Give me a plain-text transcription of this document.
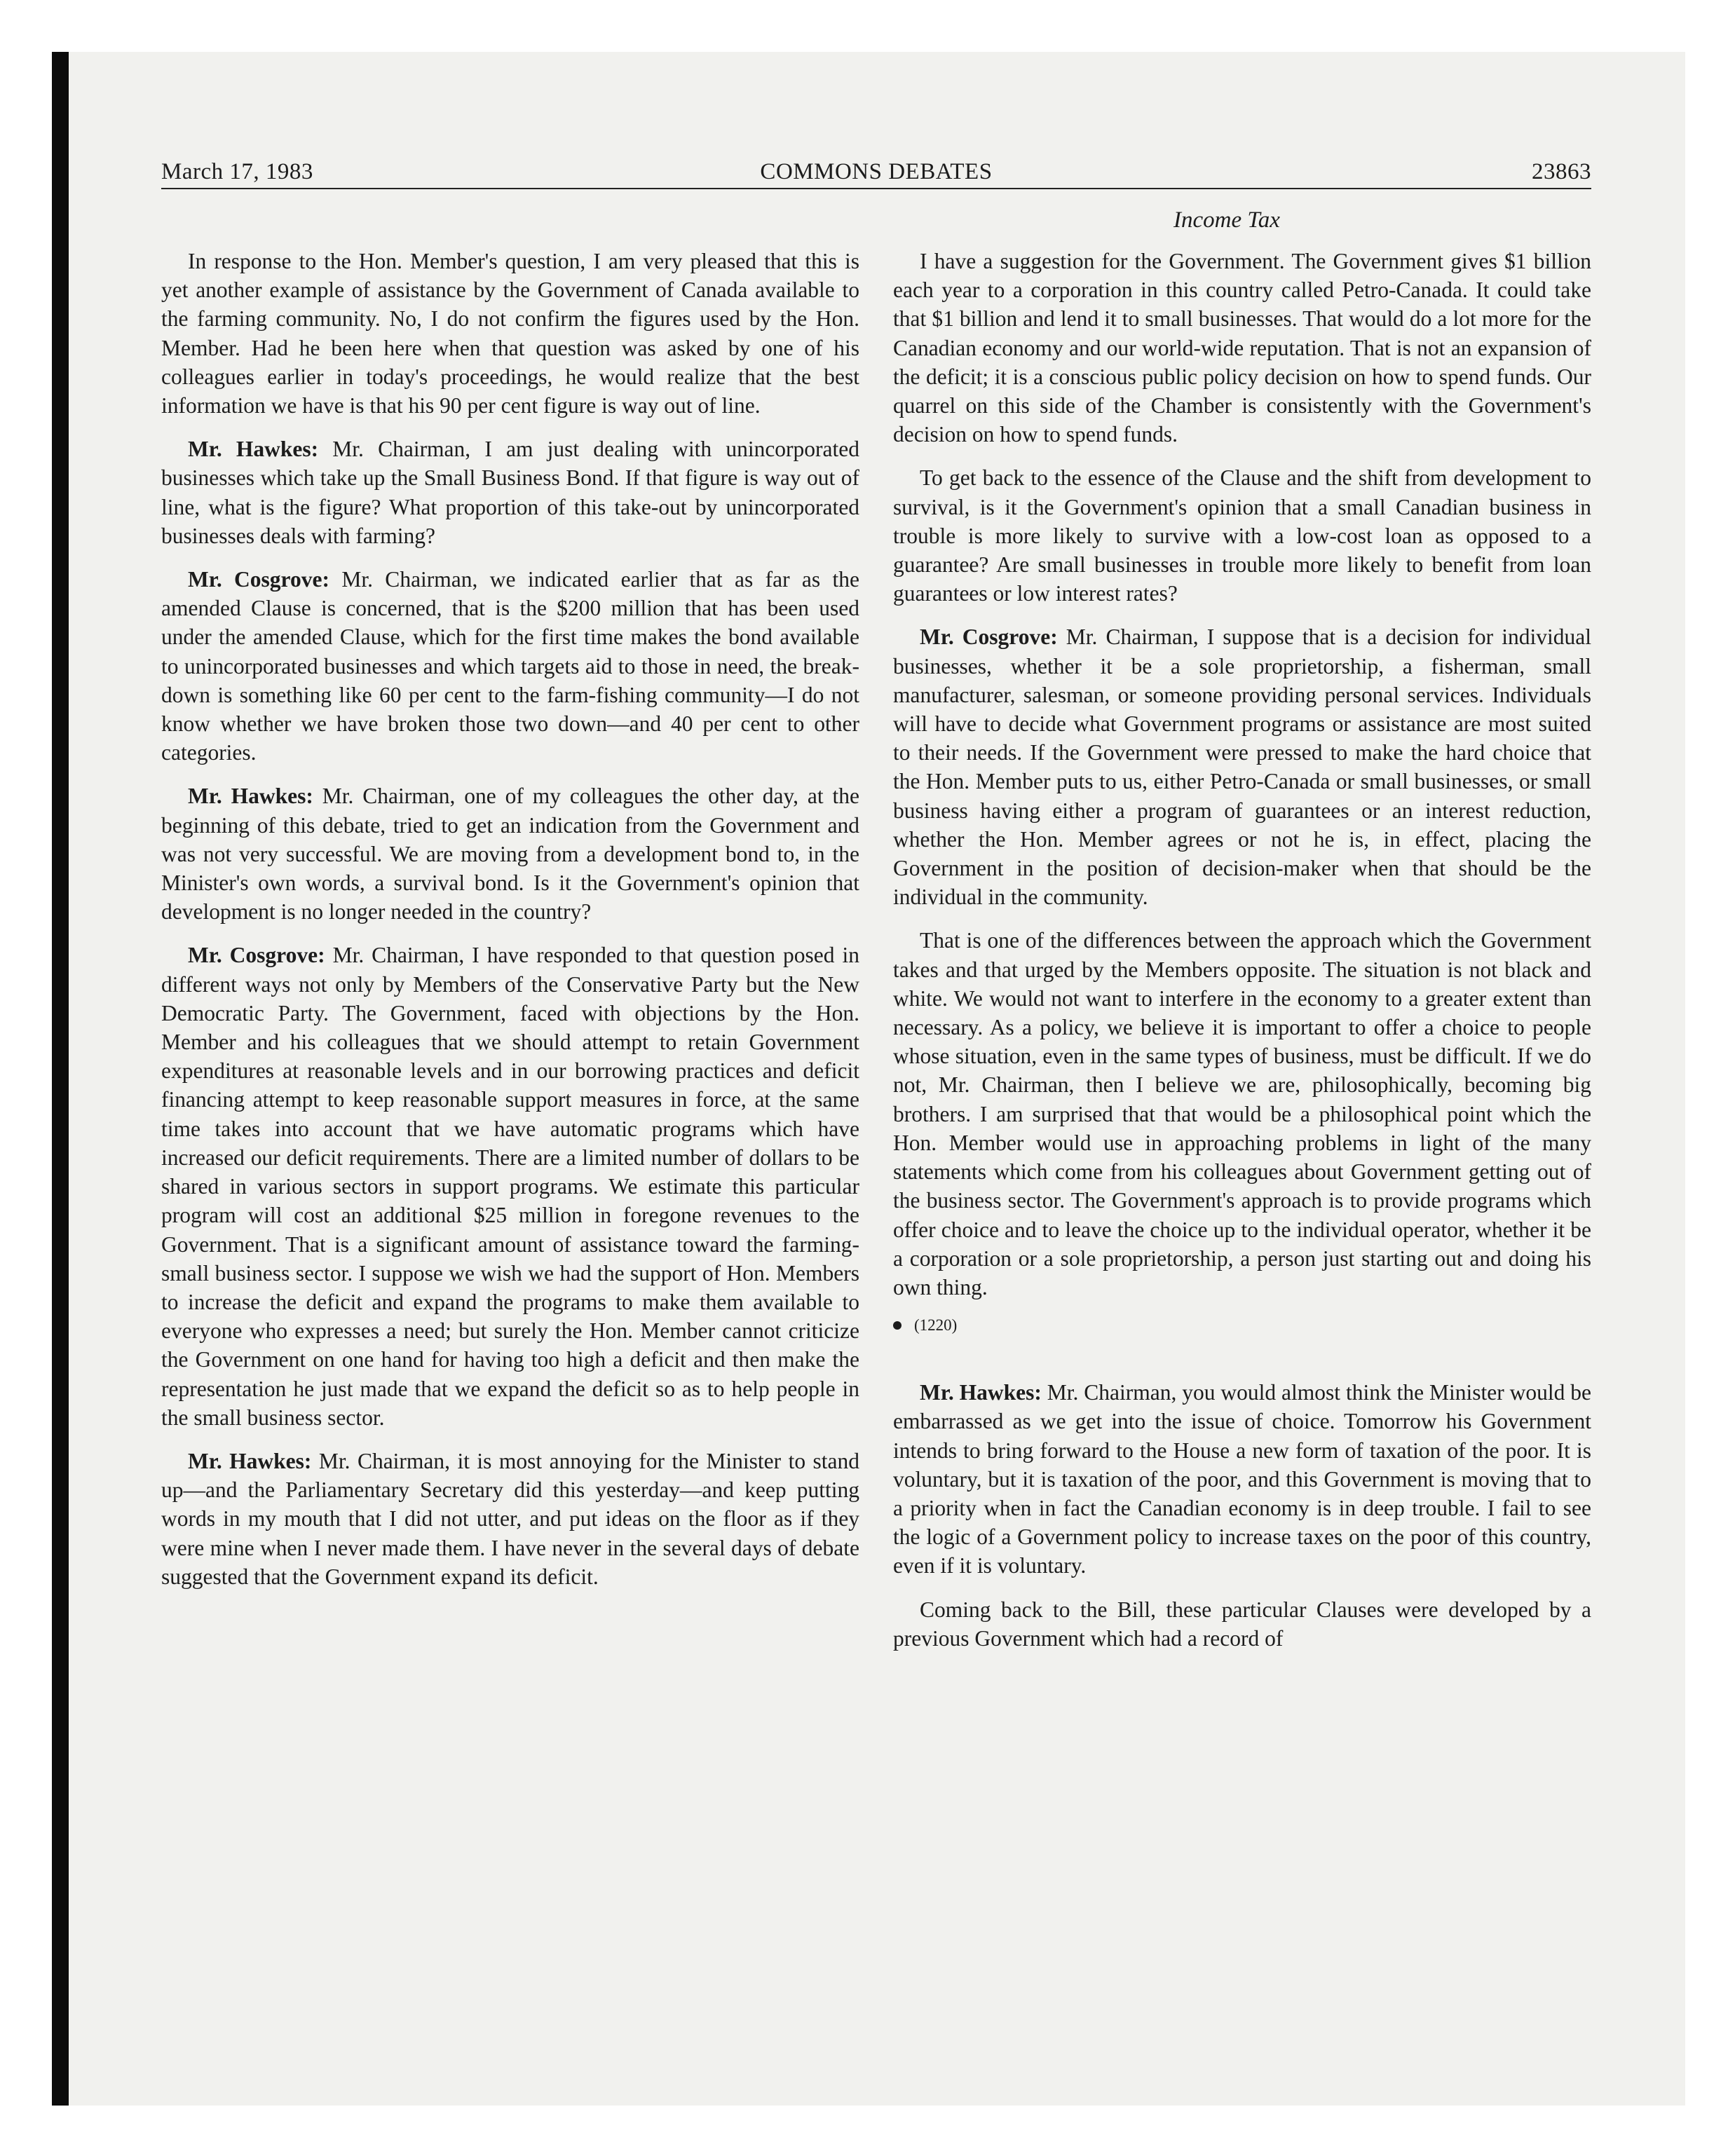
March 17, 1983	COMMONS DEBATES	23863
Income Tax

In response to the Hon. Member's question, I am very pleased that this is yet another example of assistance by the Government of Canada available to the farming community. No, I do not confirm the figures used by the Hon. Member. Had he been here when that question was asked by one of his colleagues earlier in today's proceedings, he would realize that the best information we have is that his 90 per cent figure is way out of line.

Mr. Hawkes: Mr. Chairman, I am just dealing with unincorporated businesses which take up the Small Business Bond. If that figure is way out of line, what is the figure? What proportion of this take-out by unincorporated businesses deals with farming?

Mr. Cosgrove: Mr. Chairman, we indicated earlier that as far as the amended Clause is concerned, that is the $200 million that has been used under the amended Clause, which for the first time makes the bond available to unincorporated businesses and which targets aid to those in need, the breakdown is something like 60 per cent to the farm-fishing community—I do not know whether we have broken those two down—and 40 per cent to other categories.

Mr. Hawkes: Mr. Chairman, one of my colleagues the other day, at the beginning of this debate, tried to get an indication from the Government and was not very successful. We are moving from a development bond to, in the Minister's own words, a survival bond. Is it the Government's opinion that development is no longer needed in the country?

Mr. Cosgrove: Mr. Chairman, I have responded to that question posed in different ways not only by Members of the Conservative Party but the New Democratic Party. The Government, faced with objections by the Hon. Member and his colleagues that we should attempt to retain Government expenditures at reasonable levels and in our borrowing practices and deficit financing attempt to keep reasonable support measures in force, at the same time takes into account that we have automatic programs which have increased our deficit requirements. There are a limited number of dollars to be shared in various sectors in support programs. We estimate this particular program will cost an additional $25 million in foregone revenues to the Government. That is a significant amount of assistance toward the farming-small business sector. I suppose we wish we had the support of Hon. Members to increase the deficit and expand the programs to make them available to everyone who expresses a need; but surely the Hon. Member cannot criticize the Government on one hand for having too high a deficit and then make the representation he just made that we expand the deficit so as to help people in the small business sector.

Mr. Hawkes: Mr. Chairman, it is most annoying for the Minister to stand up—and the Parliamentary Secretary did this yesterday—and keep putting words in my mouth that I did not utter, and put ideas on the floor as if they were mine when I never made them. I have never in the several days of debate suggested that the Government expand its deficit.

I have a suggestion for the Government. The Government gives $1 billion each year to a corporation in this country called Petro-Canada. It could take that $1 billion and lend it to small businesses. That would do a lot more for the Canadian economy and our world-wide reputation. That is not an expansion of the deficit; it is a conscious public policy decision on how to spend funds. Our quarrel on this side of the Chamber is consistently with the Government's decision on how to spend funds.

To get back to the essence of the Clause and the shift from development to survival, is it the Government's opinion that a small Canadian business in trouble is more likely to survive with a low-cost loan as opposed to a guarantee? Are small businesses in trouble more likely to benefit from loan guarantees or low interest rates?

Mr. Cosgrove: Mr. Chairman, I suppose that is a decision for individual businesses, whether it be a sole proprietorship, a fisherman, small manufacturer, salesman, or someone providing personal services. Individuals will have to decide what Government programs or assistance are most suited to their needs. If the Government were pressed to make the hard choice that the Hon. Member puts to us, either Petro-Canada or small businesses, or small business having either a program of guarantees or an interest reduction, whether the Hon. Member agrees or not he is, in effect, placing the Government in the position of decision-maker when that should be the individual in the community.

That is one of the differences between the approach which the Government takes and that urged by the Members opposite. The situation is not black and white. We would not want to interfere in the economy to a greater extent than necessary. As a policy, we believe it is important to offer a choice to people whose situation, even in the same types of business, must be difficult. If we do not, Mr. Chairman, then I believe we are, philosophically, becoming big brothers. I am surprised that that would be a philosophical point which the Hon. Member would use in approaching problems in light of the many statements which come from his colleagues about Government getting out of the business sector. The Government's approach is to provide programs which offer choice and to leave the choice up to the individual operator, whether it be a corporation or a sole proprietorship, a person just starting out and doing his own thing.

(1220)

Mr. Hawkes: Mr. Chairman, you would almost think the Minister would be embarrassed as we get into the issue of choice. Tomorrow his Government intends to bring forward to the House a new form of taxation of the poor. It is voluntary, but it is taxation of the poor, and this Government is moving that to a priority when in fact the Canadian economy is in deep trouble. I fail to see the logic of a Government policy to increase taxes on the poor of this country, even if it is voluntary.

Coming back to the Bill, these particular Clauses were developed by a previous Government which had a record of
